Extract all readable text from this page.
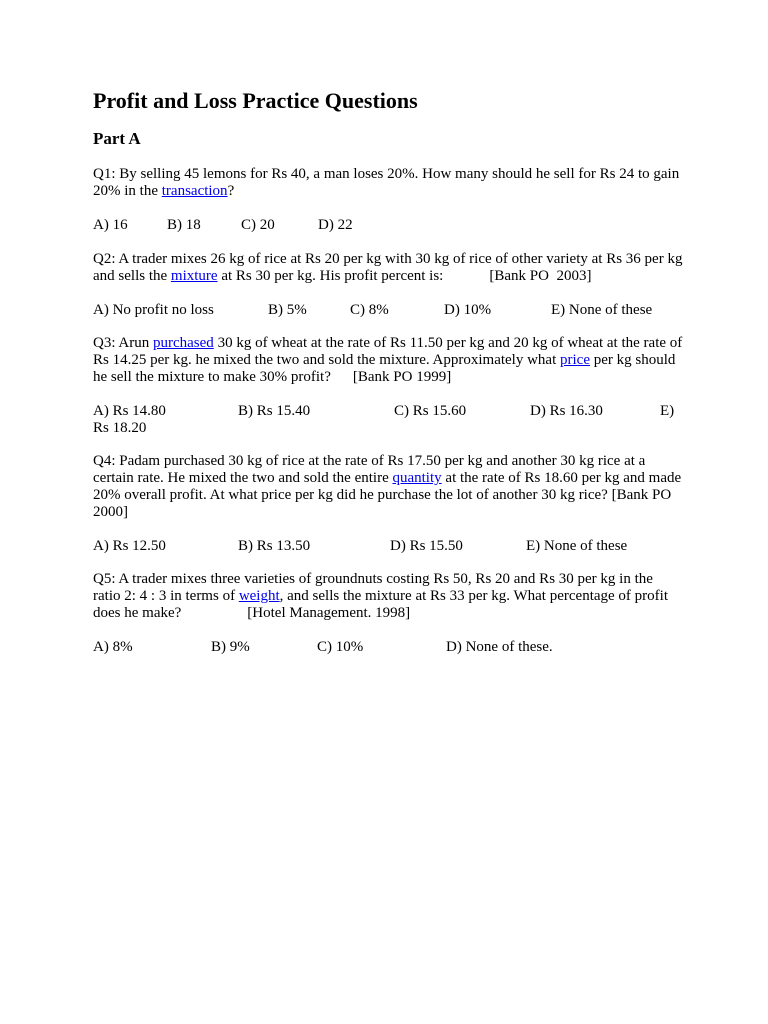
Profit and Loss Practice Questions
Part A

Q1: By selling 45 lemons for Rs 40, a man loses 20%. How many should he sell for Rs 24 to gain 20% in the transaction?

A) 16	B) 18	C) 20	D) 22

Q2: A trader mixes 26 kg of rice at Rs 20 per kg with 30 kg of rice of other variety at Rs 36 per kg and sells the mixture at Rs 30 per kg. His profit percent is:	[Bank PO  2003]

A) No profit no loss	B) 5%	C) 8%	D) 10%	E) None of these

Q3: Arun purchased 30 kg of wheat at the rate of Rs 11.50 per kg and 20 kg of wheat at the rate of Rs 14.25 per kg. he mixed the two and sold the mixture. Approximately what price per kg should he sell the mixture to make 30% profit? [Bank PO 1999]

A) Rs 14.80	B) Rs 15.40	C) Rs 15.60	D) Rs 16.30	E)
Rs 18.20

Q4: Padam purchased 30 kg of rice at the rate of Rs 17.50 per kg and another 30 kg rice at a certain rate. He mixed the two and sold the entire quantity at the rate of Rs 18.60 per kg and made 20% overall profit. At what price per kg did he purchase the lot of another 30 kg rice? [Bank PO 2000]

A) Rs 12.50	B) Rs 13.50	D) Rs 15.50	E) None of these

Q5: A trader mixes three varieties of groundnuts costing Rs 50, Rs 20 and Rs 30 per kg in the ratio 2: 4 : 3 in terms of weight, and sells the mixture at Rs 33 per kg. What percentage of profit does he make?	[Hotel Management. 1998]

A) 8%	B) 9%	C) 10%	D) None of these.
